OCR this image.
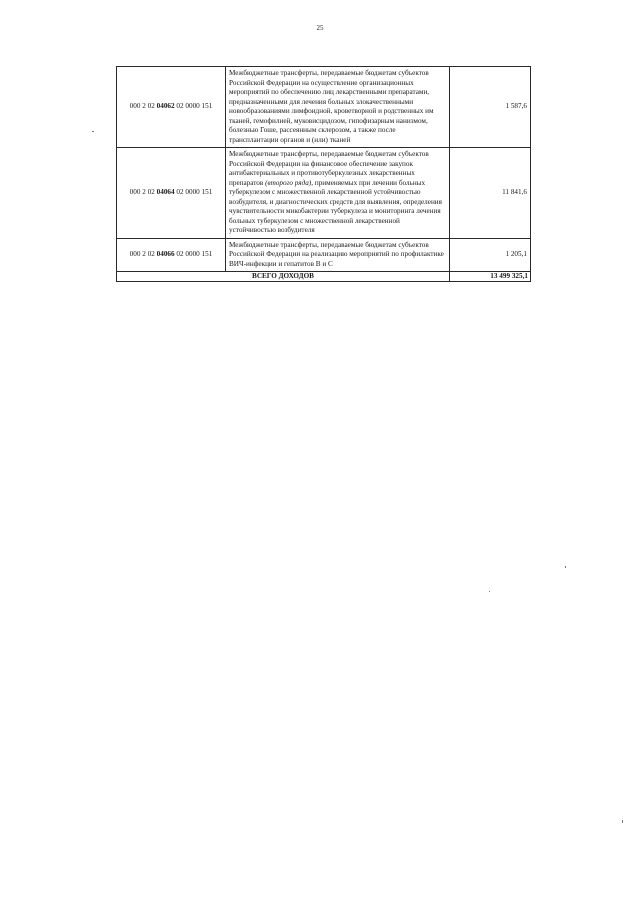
25
000 2 02 04062 02 0000 151	Межбюджетные трансферты, передаваемые бюджетам субъектов Российской Федерации на осуществление организационных мероприятий по обеспечению лиц лекарственными препаратами, предназначенными для лечения больных злокачественными новообразованиями лимфоидной, кроветворной и родственных им тканей, гемофилией, муковисцидозом, гипофизарным нанизмом, болезнью Гоше, рассеянным склерозом, а также после трансплантации органов и (или) тканей	1 587,6
000 2 02 04064 02 0000 151	Межбюджетные трансферты, передаваемые бюджетам субъектов Российской Федерации на финансовое обеспечение закупок антибактериальных и противотуберкулезных лекарственных препаратов (второго ряда), применяемых при лечении больных туберкулезом с множественной лекарственной устойчивостью возбудителя, и диагностических средств для выявления, определения чувствительности микобактерии туберкулеза и мониторинга лечения больных туберкулезом с множественной лекарственной устойчивостью возбудителя	11 841,6
000 2 02 04066 02 0000 151	Межбюджетные трансферты, передаваемые бюджетам субъектов Российской Федерации на реализацию мероприятий по профилактике ВИЧ-инфекции и гепатитов В и С	1 205,1
ВСЕГО ДОХОДОВ		13 499 325,1
